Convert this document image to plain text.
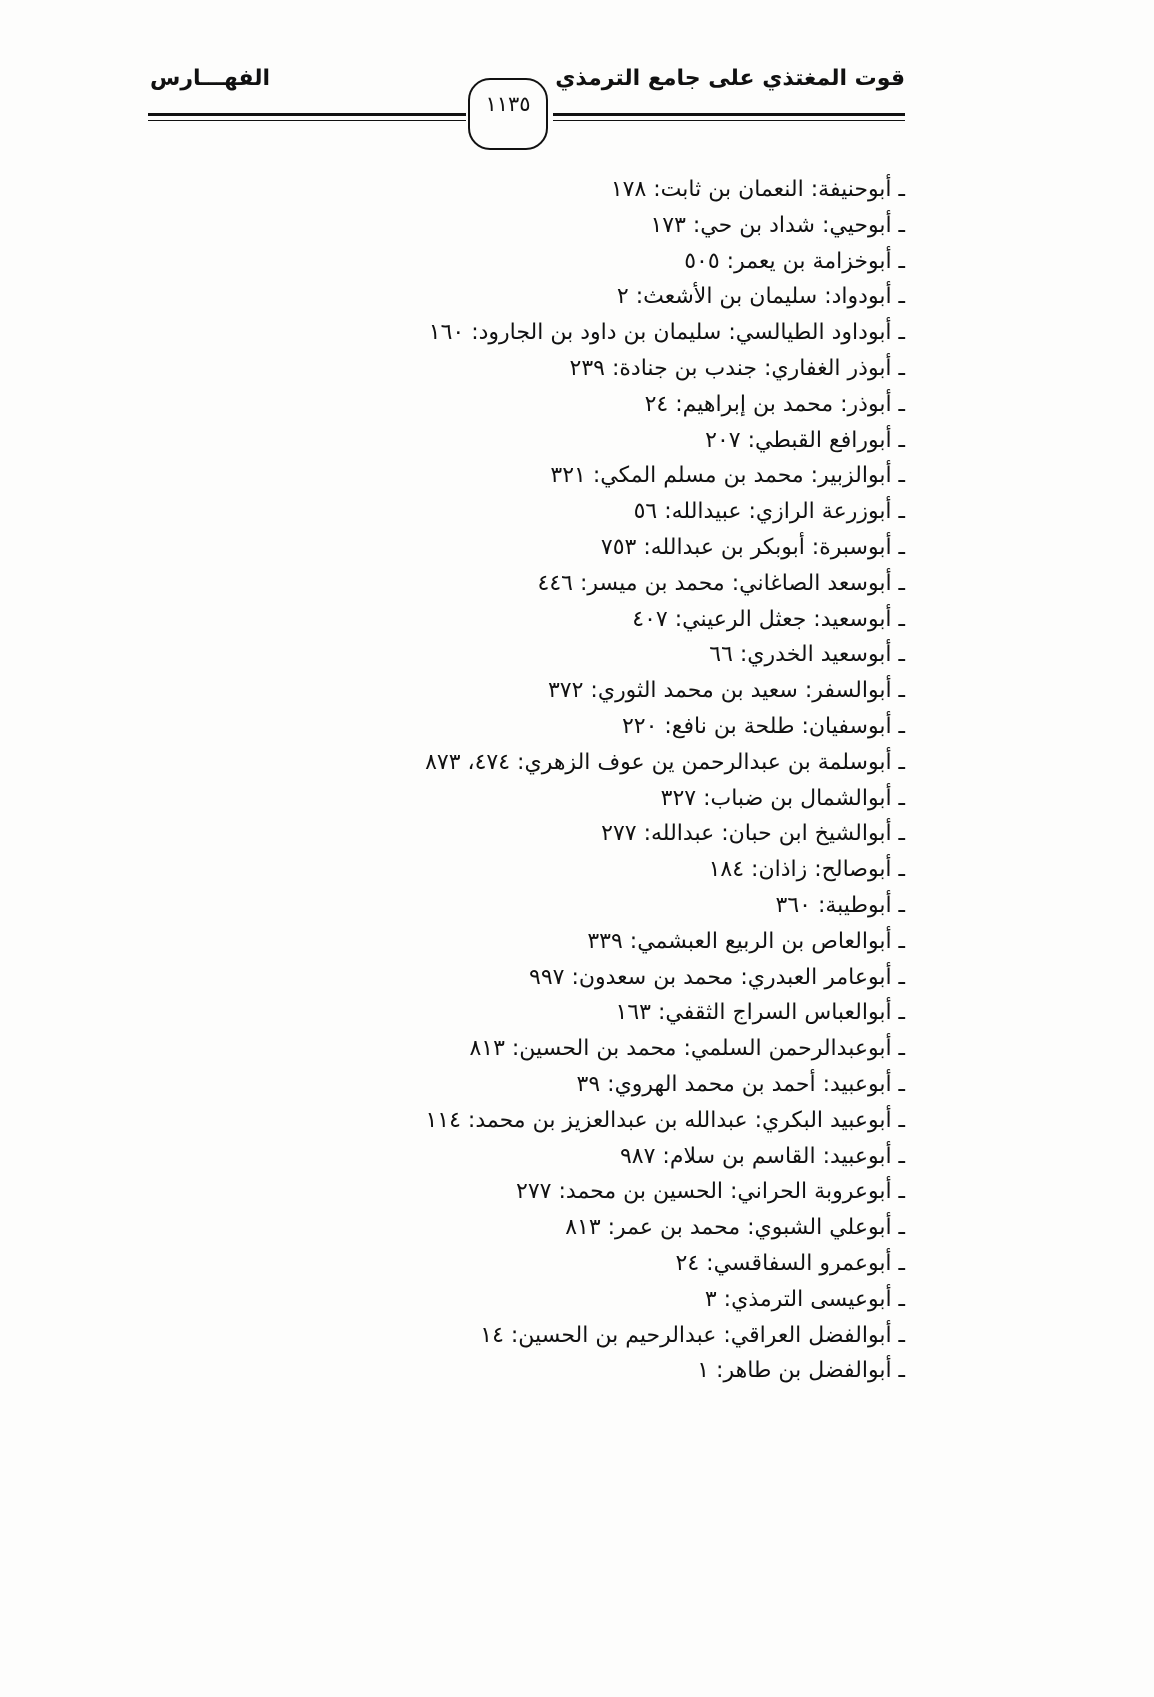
قوت المغتذي على جامع الترمذي
الفهـــارس
١١٣٥
ـ أبوحنيفة: النعمان بن ثابت: ١٧٨
ـ أبوحيي: شداد بن حي: ١٧٣
ـ أبوخزامة بن يعمر: ٥٠٥
ـ أبودواد: سليمان بن الأشعث: ٢
ـ أبوداود الطيالسي: سليمان بن داود بن الجارود: ١٦٠
ـ أبوذر الغفاري: جندب بن جنادة: ٢٣٩
ـ أبوذر: محمد بن إبراهيم: ٢٤
ـ أبورافع القبطي: ٢٠٧
ـ أبوالزبير: محمد بن مسلم المكي: ٣٢١
ـ أبوزرعة الرازي: عبيدالله: ٥٦
ـ أبوسبرة: أبوبكر بن عبدالله: ٧٥٣
ـ أبوسعد الصاغاني: محمد بن ميسر: ٤٤٦
ـ أبوسعيد: جعثل الرعيني: ٤٠٧
ـ أبوسعيد الخدري: ٦٦
ـ أبوالسفر: سعيد بن محمد الثوري: ٣٧٢
ـ أبوسفيان: طلحة بن نافع: ٢٢٠
ـ أبوسلمة بن عبدالرحمن ين عوف الزهري: ٤٧٤، ٨٧٣
ـ أبوالشمال بن ضباب: ٣٢٧
ـ أبوالشيخ ابن حبان: عبدالله: ٢٧٧
ـ أبوصالح: زاذان: ١٨٤
ـ أبوطيبة: ٣٦٠
ـ أبوالعاص بن الربيع العبشمي: ٣٣٩
ـ أبوعامر العبدري: محمد بن سعدون: ٩٩٧
ـ أبوالعباس السراج الثقفي: ١٦٣
ـ أبوعبدالرحمن السلمي: محمد بن الحسين: ٨١٣
ـ أبوعبيد: أحمد بن محمد الهروي: ٣٩
ـ أبوعبيد البكري: عبدالله بن عبدالعزيز بن محمد: ١١٤
ـ أبوعبيد: القاسم بن سلام: ٩٨٧
ـ أبوعروبة الحراني: الحسين بن محمد: ٢٧٧
ـ أبوعلي الشبوي: محمد بن عمر: ٨١٣
ـ أبوعمرو السفاقسي: ٢٤
ـ أبوعيسى الترمذي: ٣
ـ أبوالفضل العراقي: عبدالرحيم بن الحسين: ١٤
ـ أبوالفضل بن طاهر: ١
